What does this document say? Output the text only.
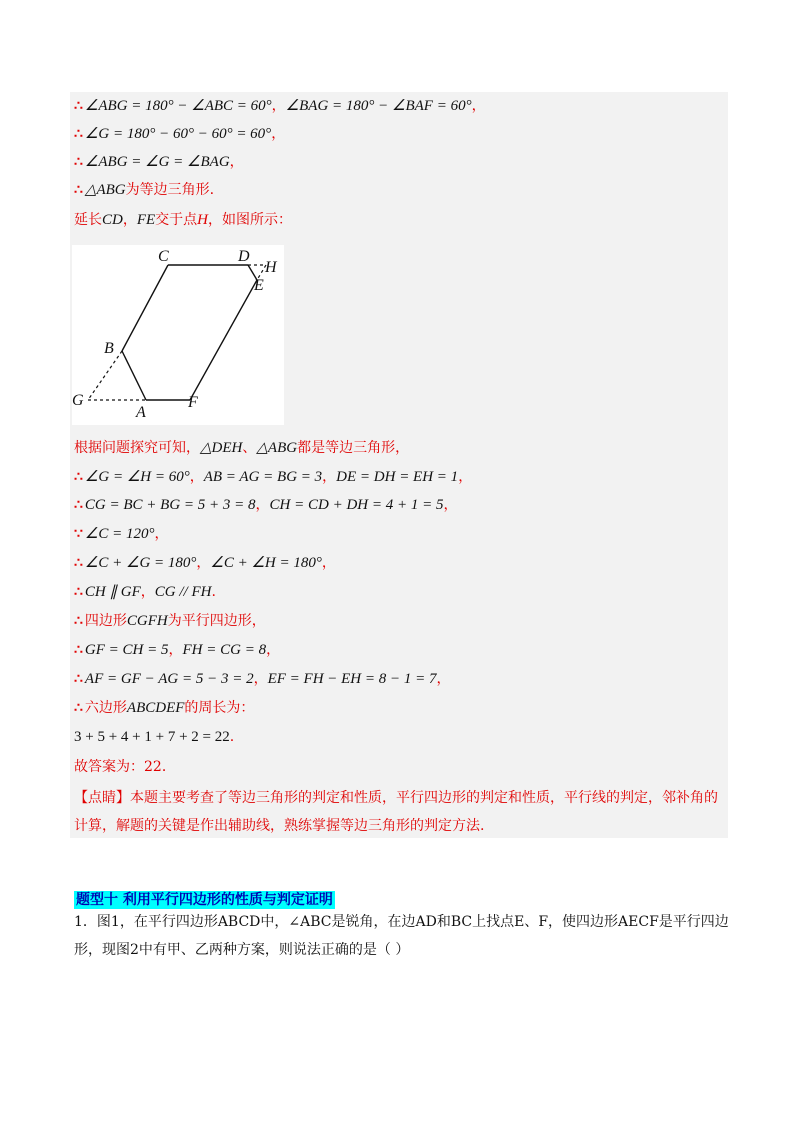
∴ ∠ABG = 180° − ∠ABC = 60°，∠BAG = 180° − ∠BAF = 60°，
∴ ∠G = 180° − 60° − 60° = 60°，
∴ ∠ABG = ∠G = ∠BAG，
∴ △ABG为等边三角形.
延长CD，FE交于点H，如图所示：
C	D
H
E
B
G
A
F
根据问题探究可知，△DEH、△ABG都是等边三角形，
∴ ∠G = ∠H = 60°，AB = AG = BG = 3，DE = DH = EH = 1，
∴ CG = BC + BG = 5 + 3 = 8，CH = CD + DH = 4 + 1 = 5，
∵ ∠C = 120°，
∴ ∠C + ∠G = 180°，∠C + ∠H = 180°，
∴ CH ∥ GF，CG // FH.
∴ 四边形CGFH为平行四边形，
∴ GF = CH = 5，FH = CG = 8，
∴ AF = GF − AG = 5 − 3 = 2，EF = FH − EH = 8 − 1 = 7，
∴ 六边形ABCDEF的周长为：
3 + 5 + 4 + 1 + 7 + 2 = 22.
故答案为：22．
【点睛】本题主要考查了等边三角形的判定和性质，平行四边形的判定和性质，平行线的判定，邻补角的计算，解题的关键是作出辅助线，熟练掌握等边三角形的判定方法.
题型十 利用平行四边形的性质与判定证明
1．图1，在平行四边形ABCD中，∠ABC是锐角，在边AD和BC上找点E、F，使四边形AECF是平行四边形，现图2中有甲、乙两种方案，则说法正确的是（ ）
